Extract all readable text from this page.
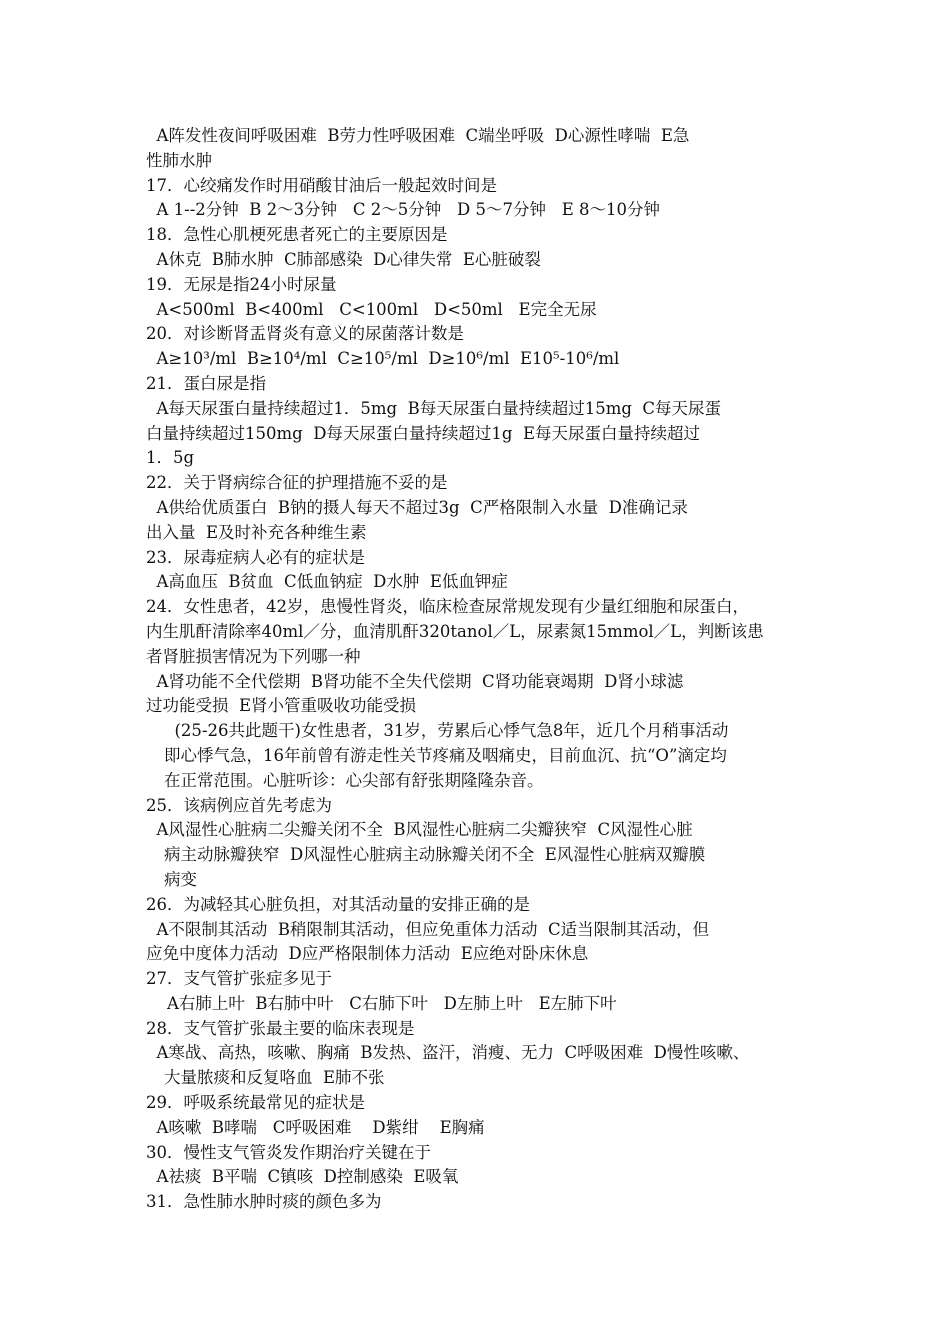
A阵发性夜间呼吸困难  B劳力性呼吸困难  C端坐呼吸  D心源性哮喘  E急
性肺水肿
17．心绞痛发作时用硝酸甘油后一般起效时间是
A 1--2分钟  B 2～3分钟   C 2～5分钟   D 5～7分钟   E 8～10分钟
18．急性心肌梗死患者死亡的主要原因是
A休克  B肺水肿  C肺部感染  D心律失常  E心脏破裂
19．无尿是指24小时尿量
A<500ml  B<400ml   C<100ml   D<50ml   E完全无尿
20．对诊断肾盂肾炎有意义的尿菌落计数是
A≥10³/ml  B≥10⁴/ml  C≥10⁵/ml  D≥10⁶/ml  E10⁵-10⁶/ml
21．蛋白尿是指
A每天尿蛋白量持续超过1．5mg  B每天尿蛋白量持续超过15mg  C每天尿蛋
白量持续超过150mg  D每天尿蛋白量持续超过1g  E每天尿蛋白量持续超过
1．5g
22．关于肾病综合征的护理措施不妥的是
A供给优质蛋白  B钠的摄人每天不超过3g  C严格限制入水量  D准确记录
出入量  E及时补充各种维生素
23．尿毒症病人必有的症状是
A高血压  B贫血  C低血钠症  D水肿  E低血钾症
24．女性患者，42岁，患慢性肾炎，临床检查尿常规发现有少量红细胞和尿蛋白，
内生肌酐清除率40ml／分，血清肌酐320tanol／L，尿素氮15mmol／L，判断该患
者肾脏损害情况为下列哪一种
A肾功能不全代偿期  B肾功能不全失代偿期  C肾功能衰竭期  D肾小球滤
过功能受损  E肾小管重吸收功能受损
(25-26共此题干)女性患者，31岁，劳累后心悸气急8年，近几个月稍事活动
即心悸气急，16年前曾有游走性关节疼痛及咽痛史，目前血沉、抗“O”滴定均
在正常范围。心脏听诊：心尖部有舒张期隆隆杂音。
25．该病例应首先考虑为
A风湿性心脏病二尖瓣关闭不全  B风湿性心脏病二尖瓣狭窄  C风湿性心脏
病主动脉瓣狭窄  D风湿性心脏病主动脉瓣关闭不全  E风湿性心脏病双瓣膜
病变
26．为减轻其心脏负担，对其活动量的安排正确的是
A不限制其活动  B稍限制其活动，但应免重体力活动  C适当限制其活动，但
应免中度体力活动  D应严格限制体力活动  E应绝对卧床休息
27．支气管扩张症多见于
A右肺上叶  B右肺中叶   C右肺下叶   D左肺上叶   E左肺下叶
28．支气管扩张最主要的临床表现是
A寒战、高热，咳嗽、胸痛  B发热、盗汗，消瘦、无力  C呼吸困难  D慢性咳嗽、
大量脓痰和反复咯血  E肺不张
29．呼吸系统最常见的症状是
A咳嗽  B哮喘   C呼吸困难    D紫绀    E胸痛
30．慢性支气管炎发作期治疗关键在于
A祛痰  B平喘  C镇咳  D控制感染  E吸氧
31．急性肺水肿时痰的颜色多为
